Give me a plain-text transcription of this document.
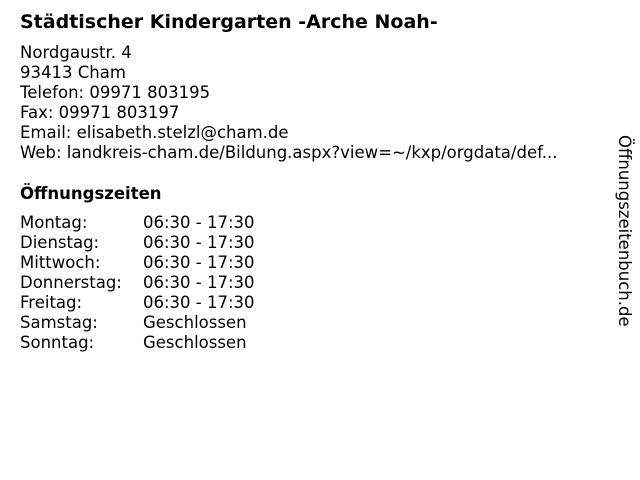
Städtischer Kindergarten -Arche Noah-
Nordgaustr. 4
93413 Cham
Telefon: 09971 803195
Fax: 09971 803197
Email: elisabeth.stelzl@cham.de
Web: landkreis-cham.de/Bildung.aspx?view=~/kxp/orgdata/def...
Öffnungszeiten
Montag:	06:30 - 17:30
Dienstag:	06:30 - 17:30
Mittwoch:	06:30 - 17:30
Donnerstag: 06:30 - 17:30
Freitag:	06:30 - 17:30
Samstag:	Geschlossen
Sonntag:	Geschlossen
Öffnungszeitenbuch.de
